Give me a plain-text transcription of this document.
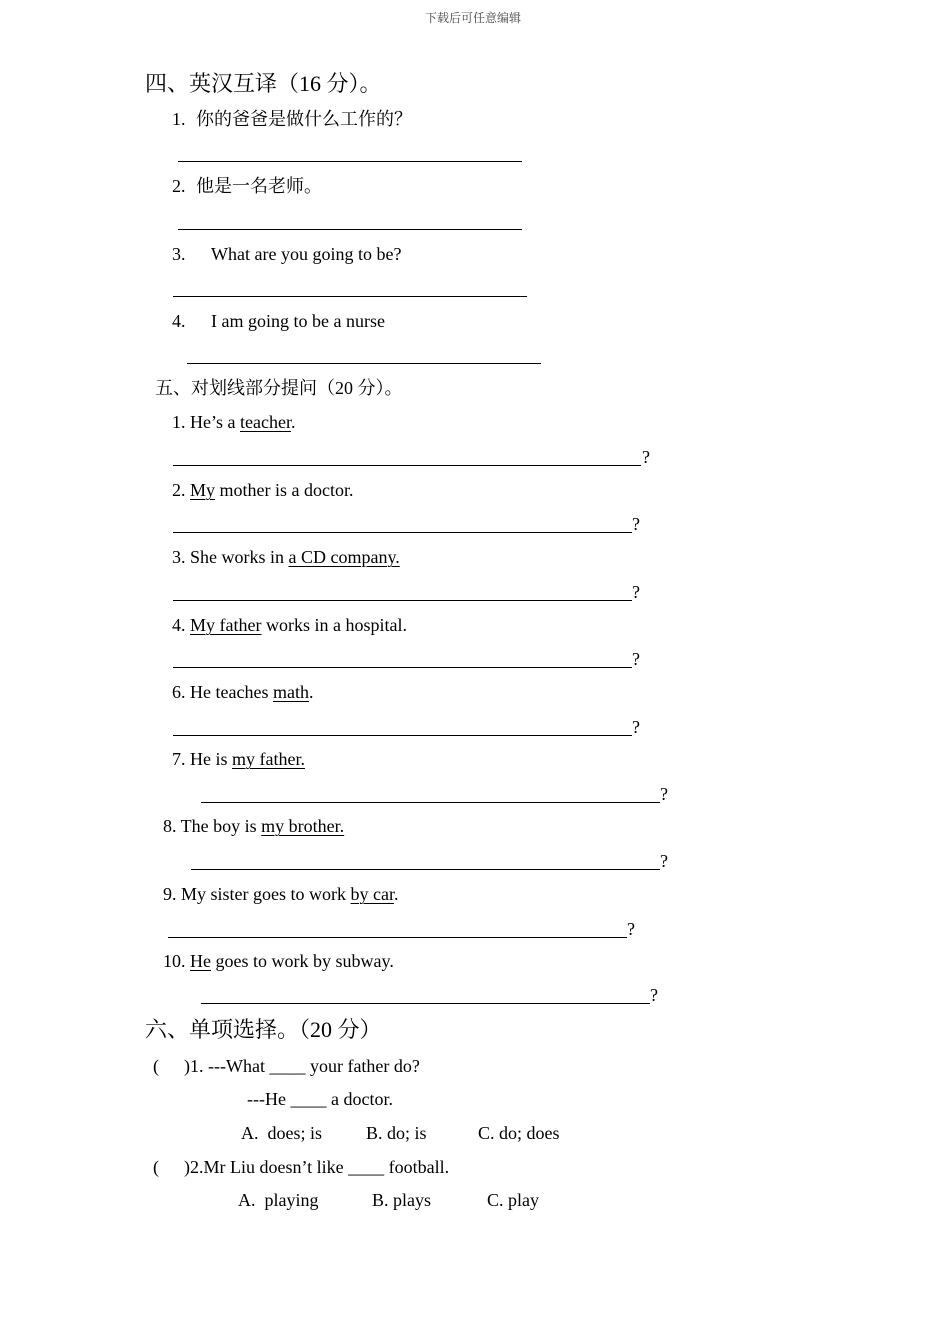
下载后可任意编辑
四、英汉互译（16 分）。
1. 你的爸爸是做什么工作的？
2. 他是一名老师。
3. What are you going to be?
4. I am going to be a nurse
五、对划线部分提问（20 分）。
1. He’s a teacher.
?
2. My mother is a doctor.
?
3. She works in a CD company.
?
4. My father works in a hospital.
?
6. He teaches math.
?
7. He is my father.
?
8. The boy is my brother.
?
9. My sister goes to work by car.
?
10. He goes to work by subway.
?
六、单项选择。（20 分）
( )1. ---What ____ your father do?
---He ____ a doctor.
A.  does; is B. do; is	C. do; does
( )2.Mr Liu doesn’t like ____ football.
A.  playing	B. plays	C. play
